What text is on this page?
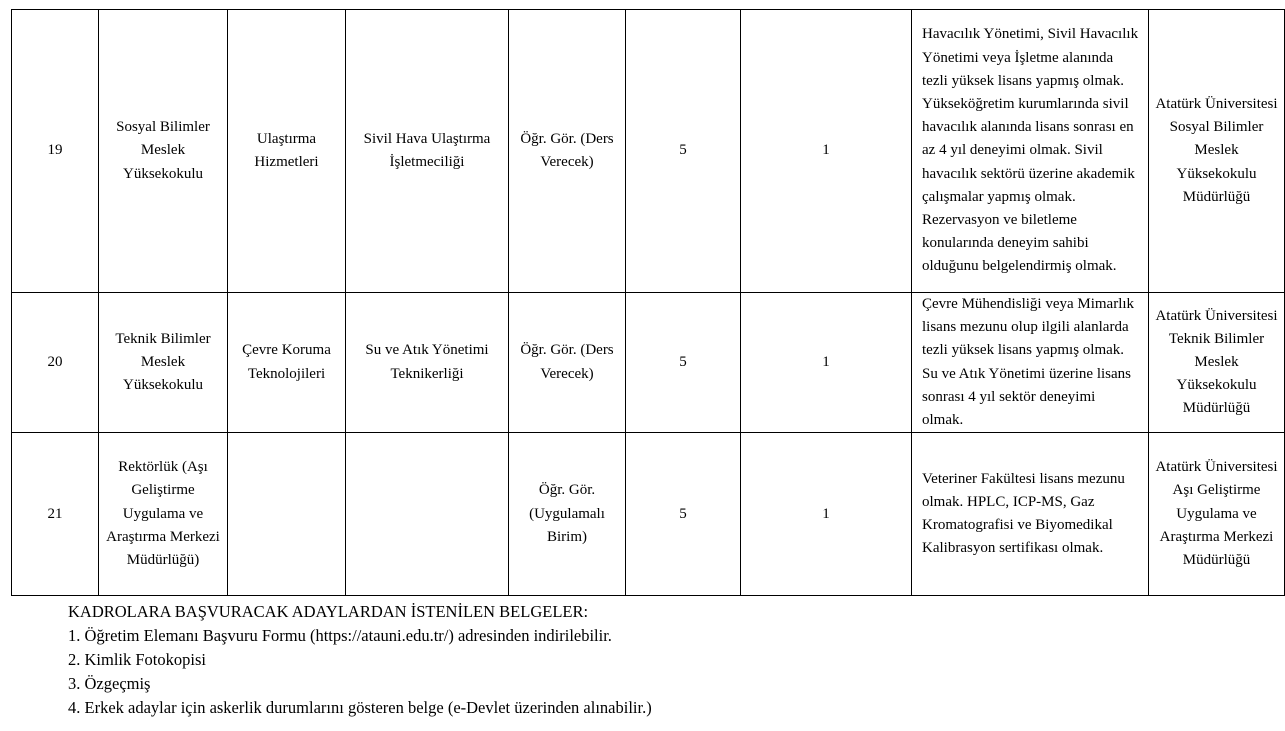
19	Sosyal Bilimler Meslek Yüksekokulu	Ulaştırma Hizmetleri	Sivil Hava Ulaştırma İşletmeciliği	Öğr. Gör. (Ders Verecek)	5	1	Havacılık Yönetimi, Sivil Havacılık Yönetimi veya İşletme alanında tezli yüksek lisans yapmış olmak. Yükseköğretim kurumlarında sivil havacılık alanında lisans sonrası en az 4 yıl deneyimi olmak. Sivil havacılık sektörü üzerine akademik çalışmalar yapmış olmak. Rezervasyon ve biletleme konularında deneyim sahibi olduğunu belgelendirmiş olmak.	Atatürk Üniversitesi Sosyal Bilimler Meslek Yüksekokulu Müdürlüğü
20	Teknik Bilimler Meslek Yüksekokulu	Çevre Koruma Teknolojileri	Su ve Atık Yönetimi Teknikerliği	Öğr. Gör. (Ders Verecek)	5	1	Çevre Mühendisliği veya Mimarlık lisans mezunu olup ilgili alanlarda tezli yüksek lisans yapmış olmak. Su ve Atık Yönetimi üzerine lisans sonrası 4 yıl sektör deneyimi olmak.	Atatürk Üniversitesi Teknik Bilimler Meslek Yüksekokulu Müdürlüğü
21	Rektörlük (Aşı Geliştirme Uygulama ve Araştırma Merkezi Müdürlüğü)			Öğr. Gör. (Uygulamalı Birim)	5	1	Veteriner Fakültesi lisans mezunu olmak. HPLC, ICP-MS, Gaz Kromatografisi ve Biyomedikal Kalibrasyon sertifikası olmak.	Atatürk Üniversitesi Aşı Geliştirme Uygulama ve Araştırma Merkezi Müdürlüğü
KADROLARA BAŞVURACAK ADAYLARDAN İSTENİLEN BELGELER:
1. Öğretim Elemanı Başvuru Formu (https://atauni.edu.tr/) adresinden indirilebilir.
2. Kimlik Fotokopisi
3. Özgeçmiş
4. Erkek adaylar için askerlik durumlarını gösteren belge (e-Devlet üzerinden alınabilir.)
